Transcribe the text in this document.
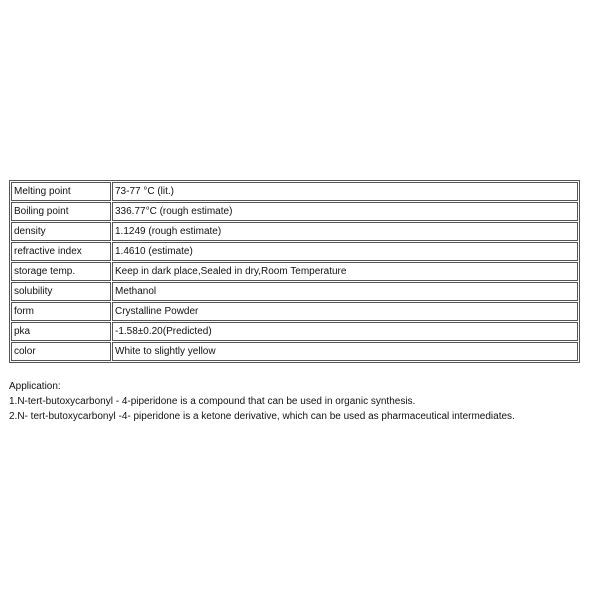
Melting point	73-77 °C (lit.)
Boiling point	336.77°C (rough estimate)
density	1.1249 (rough estimate)
refractive index	1.4610 (estimate)
storage temp.	Keep in dark place,Sealed in dry,Room Temperature
solubility	Methanol
form	Crystalline Powder
pka	-1.58±0.20(Predicted)
color	White to slightly yellow
Application:
1.N-tert-butoxycarbonyl - 4-piperidone is a compound that can be used in organic synthesis.
2.N- tert-butoxycarbonyl -4- piperidone is a ketone derivative, which can be used as pharmaceutical intermediates.
